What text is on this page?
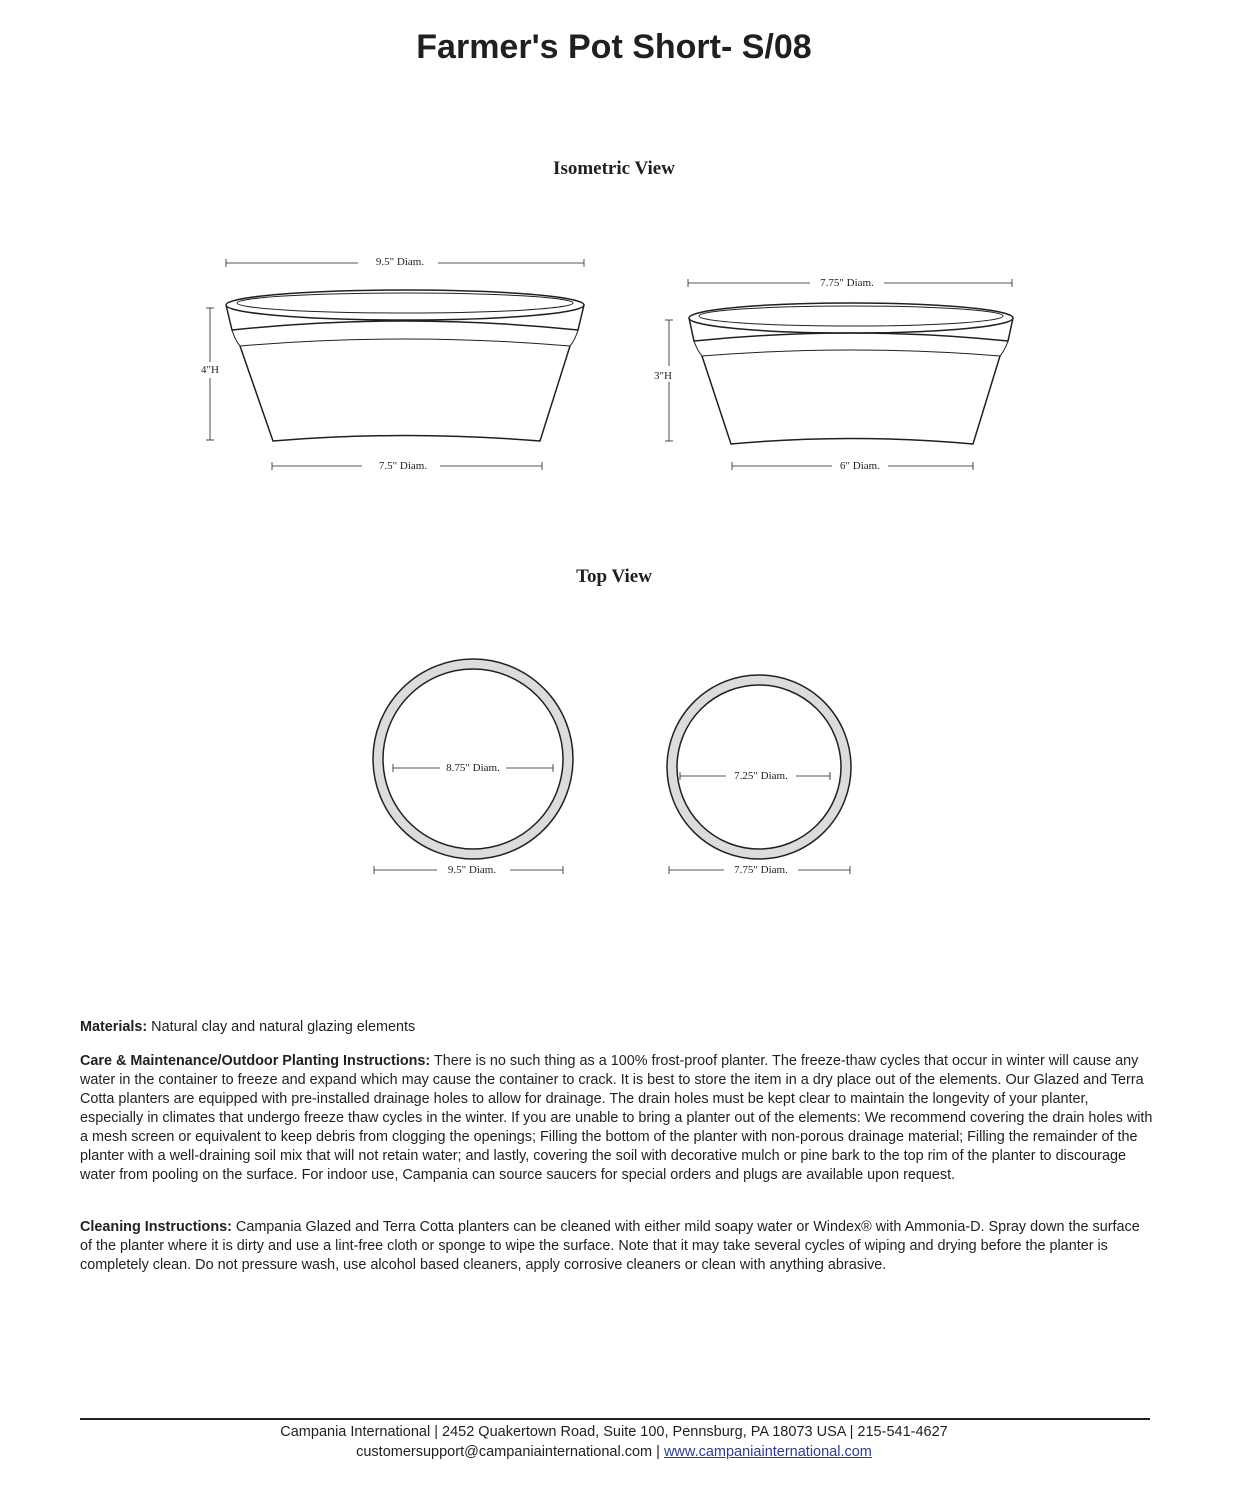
Farmer's Pot Short- S/08
Isometric View
9.5" Diam.
4"H
7.5" Diam.
7.75" Diam.
3"H
6" Diam.
8.75" Diam.
9.5" Diam.
7.25" Diam.
7.75" Diam.
Top View
Materials: Natural clay and natural glazing elements
Care & Maintenance/Outdoor Planting Instructions: There is no such thing as a 100% frost-proof planter. The freeze-thaw cycles that occur in winter will cause any water in the container to freeze and expand which may cause the container to crack. It is best to store the item in a dry place out of the elements. Our Glazed and Terra Cotta planters are equipped with pre-installed drainage holes to allow for drainage. The drain holes must be kept clear to maintain the longevity of your planter, especially in climates that undergo freeze thaw cycles in the winter. If you are unable to bring a planter out of the elements: We recommend covering the drain holes with a mesh screen or equivalent to keep debris from clogging the openings; Filling the bottom of the planter with non-porous drainage material; Filling the remainder of the planter with a well-draining soil mix that will not retain water; and lastly, covering the soil with decorative mulch or pine bark to the top rim of the planter to discourage water from pooling on the surface. For indoor use, Campania can source saucers for special orders and plugs are available upon request.
Cleaning Instructions: Campania Glazed and Terra Cotta planters can be cleaned with either mild soapy water or Windex® with Ammonia-D. Spray down the surface of the planter where it is dirty and use a lint-free cloth or sponge to wipe the surface. Note that it may take several cycles of wiping and drying before the planter is completely clean. Do not pressure wash, use alcohol based cleaners, apply corrosive cleaners or clean with anything abrasive.
Campania International | 2452 Quakertown Road, Suite 100, Pennsburg, PA 18073 USA | 215-541-4627
customersupport@campaniainternational.com | www.campaniainternational.com
